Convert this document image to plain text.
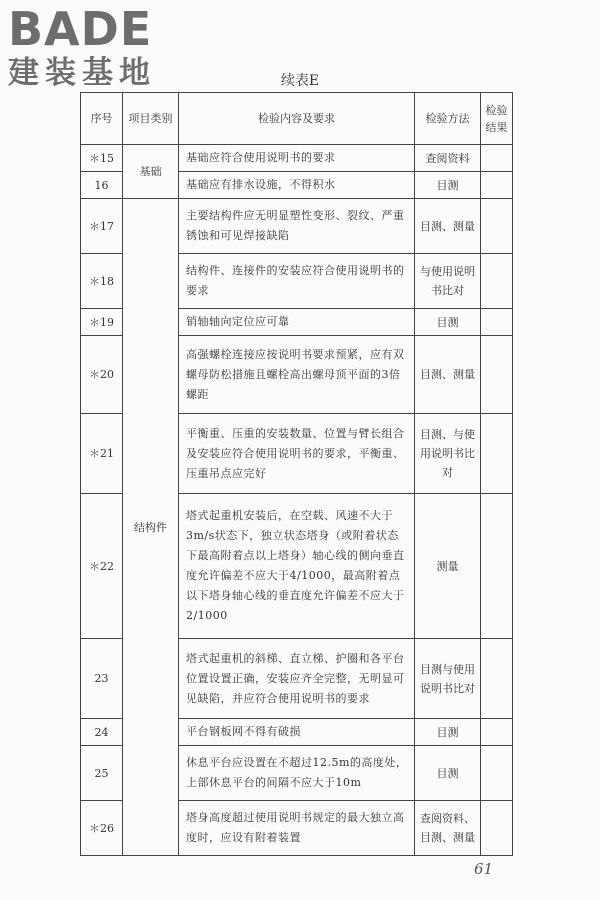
BADE
建装基地	续表E
序号	项目类别	检验内容及要求	检验方法	检验结果
＊15	基础	基础应符合使用说明书的要求	查阅资料	
16		基础应有排水设施，不得积水	目测	
＊17	结构件	主要结构件应无明显塑性变形、裂纹、严重锈蚀和可见焊接缺陷	目测、测量	
＊18		结构件、连接件的安装应符合使用说明书的要求	与使用说明书比对	
＊19		销轴轴向定位应可靠	目测	
＊20		高强螺栓连接应按说明书要求预紧，应有双螺母防松措施且螺栓高出螺母顶平面的3倍螺距	目测、测量	
＊21		平衡重、压重的安装数量、位置与臂长组合及安装应符合使用说明书的要求，平衡重、压重吊点应完好	目测、与使用说明书比对	
＊22		塔式起重机安装后，在空载、风速不大于3m/s状态下，独立状态塔身（或附着状态下最高附着点以上塔身）轴心线的侧向垂直度允许偏差不应大于4/1000，最高附着点以下塔身轴心线的垂直度允许偏差不应大于2/1000	测量	
23		塔式起重机的斜梯、直立梯、护圈和各平台位置设置正确，安装应齐全完整，无明显可见缺陷，并应符合使用说明书的要求	目测与使用说明书比对	
24		平台钢板网不得有破损	目测	
25		休息平台应设置在不超过12.5m的高度处，上部休息平台的间隔不应大于10m	目测	
＊26		塔身高度超过使用说明书规定的最大独立高度时，应设有附着装置	查阅资料、目测、测量	
61
